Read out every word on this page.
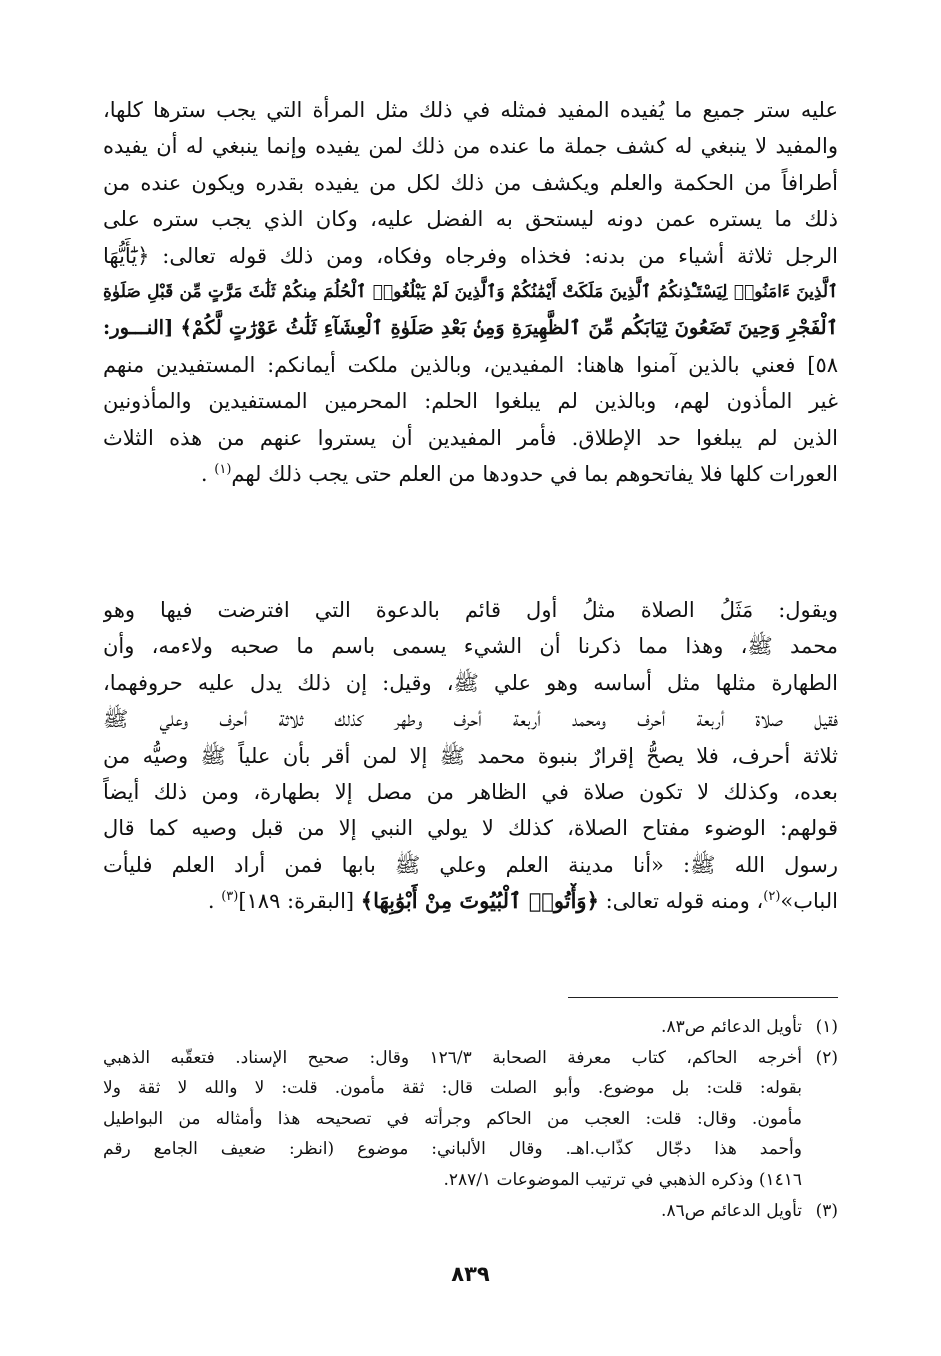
عليه ستر جميع ما يُفيده المفيد فمثله في ذلك مثل المرأة التي يجب سترها كلها،
والمفيد لا ينبغي له كشف جملة ما عنده من ذلك لمن يفيده وإنما ينبغي له أن يفيده
أطرافاً من الحكمة والعلم ويكشف من ذلك لكل من يفيده بقدره ويكون عنده من
ذلك ما يستره عمن دونه ليستحق به الفضل عليه، وكان الذي يجب ستره على
الرجل ثلاثة أشياء من بدنه: فخذاه وفرجاه وفكاه، ومن ذلك قوله تعالى: ﴿يَٰٓأَيُّهَا
ٱلَّذِينَ ءَامَنُوا۟ لِيَسْتَـْٔذِنكُمُ ٱلَّذِينَ مَلَكَتْ أَيْمَٰنُكُمْ وَٱلَّذِينَ لَمْ يَبْلُغُوا۟ ٱلْحُلُمَ مِنكُمْ ثَلَٰثَ مَرَّٰتٍ مِّن قَبْلِ صَلَوٰةِ
ٱلْفَجْرِ وَحِينَ تَضَعُونَ ثِيَابَكُم مِّنَ ٱلظَّهِيرَةِ وَمِنۢ بَعْدِ صَلَوٰةِ ٱلْعِشَآءِ ثَلَٰثُ عَوْرَٰتٍ لَّكُمْ﴾ [النـــور:
٥٨] فعني بالذين آمنوا هاهنا: المفيدين، وبالذين ملكت أيمانكم: المستفيدين منهم
غير المأذون لهم، وبالذين لم يبلغوا الحلم: المحرمين المستفيدين والمأذونين
الذين لم يبلغوا حد الإطلاق. فأمر المفيدين أن يستروا عنهم من هذه الثلاث
العورات كلها فلا يفاتحوهم بما في حدودها من العلم حتى يجب ذلك لهم$^{(١)}$ .
ويقول: مَثَلُ الصلاة مثلُ أول قائم بالدعوة التي افترضت فيها وهو
محمد ﷺ، وهذا مما ذكرنا أن الشيء يسمى باسم ما صحبه ولاءمه، وأن
الطهارة مثلها مثل أساسه وهو علي ﷺ، وقيل: إن ذلك يدل عليه حروفهما،
فقيل صلاة أربعة أحرف ومحمد أربعة أحرف وطهر كذلك ثلاثة أحرف وعلي ﷺ
ثلاثة أحرف، فلا يصحُّ إقرارٌ بنبوة محمد ﷺ إلا لمن أقر بأن علياً ﷺ وصيُّه من
بعده، وكذلك لا تكون صلاة في الظاهر من مصل إلا بطهارة، ومن ذلك أيضاً
قولهم: الوضوء مفتاح الصلاة، كذلك لا يولي النبي إلا من قبل وصيه كما قال
رسول الله ﷺ: «أنا مدينة العلم وعلي ﷺ بابها فمن أراد العلم فليأت
الباب»$^{(٢)}$، ومنه قوله تعالى: ﴿وَأْتُوا۟ ٱلْبُيُوتَ مِنْ أَبْوَٰبِهَا﴾ [البقرة: ١٨٩]$^{(٣)}$ .
(١)
تأويل الدعائم ص٨٣.
(٢)
أخرجه الحاكم، كتاب معرفة الصحابة ١٢٦/٣ وقال: صحيح الإسناد. فتعقّبه الذهبي
بقوله: قلت: بل موضوع. وأبو الصلت قال: ثقة مأمون. قلت: لا والله لا ثقة ولا
مأمون. وقال: قلت: العجب من الحاكم وجرأته في تصحيحه هذا وأمثاله من البواطيل
وأحمد هذا دجّال كذّاب.اهـ. وقال الألباني: موضوع (انظر: ضعيف الجامع رقم
١٤١٦) وذكره الذهبي في ترتيب الموضوعات ٢٨٧/١.
(٣)
تأويل الدعائم ص٨٦.
٨٣٩
